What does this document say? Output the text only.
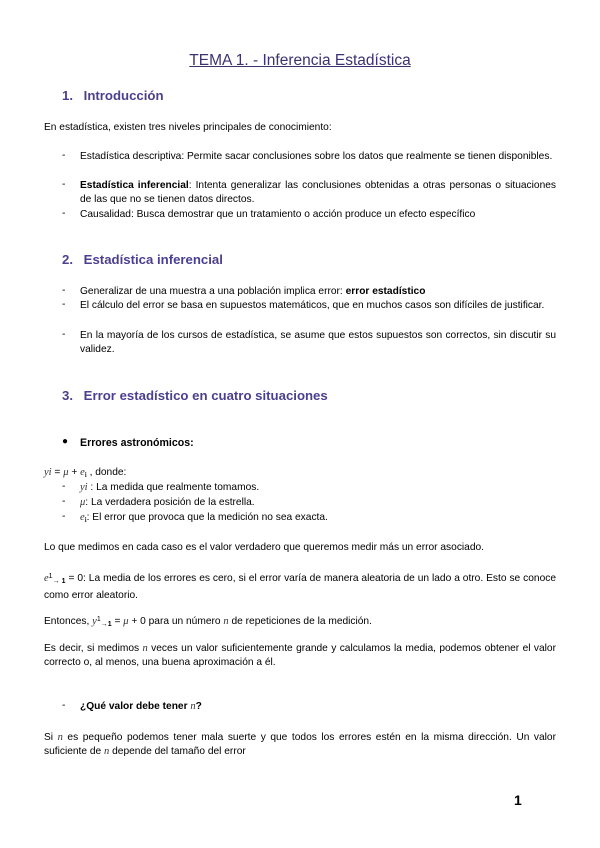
TEMA 1. - Inferencia Estadística
1. Introducción
En estadística, existen tres niveles principales de conocimiento:
- Estadística descriptiva: Permite sacar conclusiones sobre los datos que realmente se tienen disponibles.
- Estadística inferencial: Intenta generalizar las conclusiones obtenidas a otras personas o situaciones de las que no se tienen datos directos.
- Causalidad: Busca demostrar que un tratamiento o acción produce un efecto específico
2. Estadística inferencial
- Generalizar de una muestra a una población implica error: error estadístico
- El cálculo del error se basa en supuestos matemáticos, que en muchos casos son difíciles de justificar.
- En la mayoría de los cursos de estadística, se asume que estos supuestos son correctos, sin discutir su validez.
3. Error estadístico en cuatro situaciones
● Errores astronómicos:
yi = $\mu + e_i$ , donde:
- yi : La medida que realmente tomamos.
- μ: La verdadera posición de la estrella.
- $e_i$: El error que provoca que la medición no sea exacta.
Lo que medimos en cada caso es el valor verdadero que queremos medir más un error asociado.
$e^1_{\to 1} = 0$: La media de los errores es cero, si el error varía de manera aleatoria de un lado a otro. Esto se conoce como error aleatorio.
Entonces, $y^1_{\to 1} = \mu + 0$ para un número n de repeticiones de la medición.
Es decir, si medimos n veces un valor suficientemente grande y calculamos la media, podemos obtener el valor correcto o, al menos, una buena aproximación a él.
- ¿Qué valor debe tener n?
Si n es pequeño podemos tener mala suerte y que todos los errores estén en la misma dirección. Un valor suficiente de n depende del tamaño del error
1
